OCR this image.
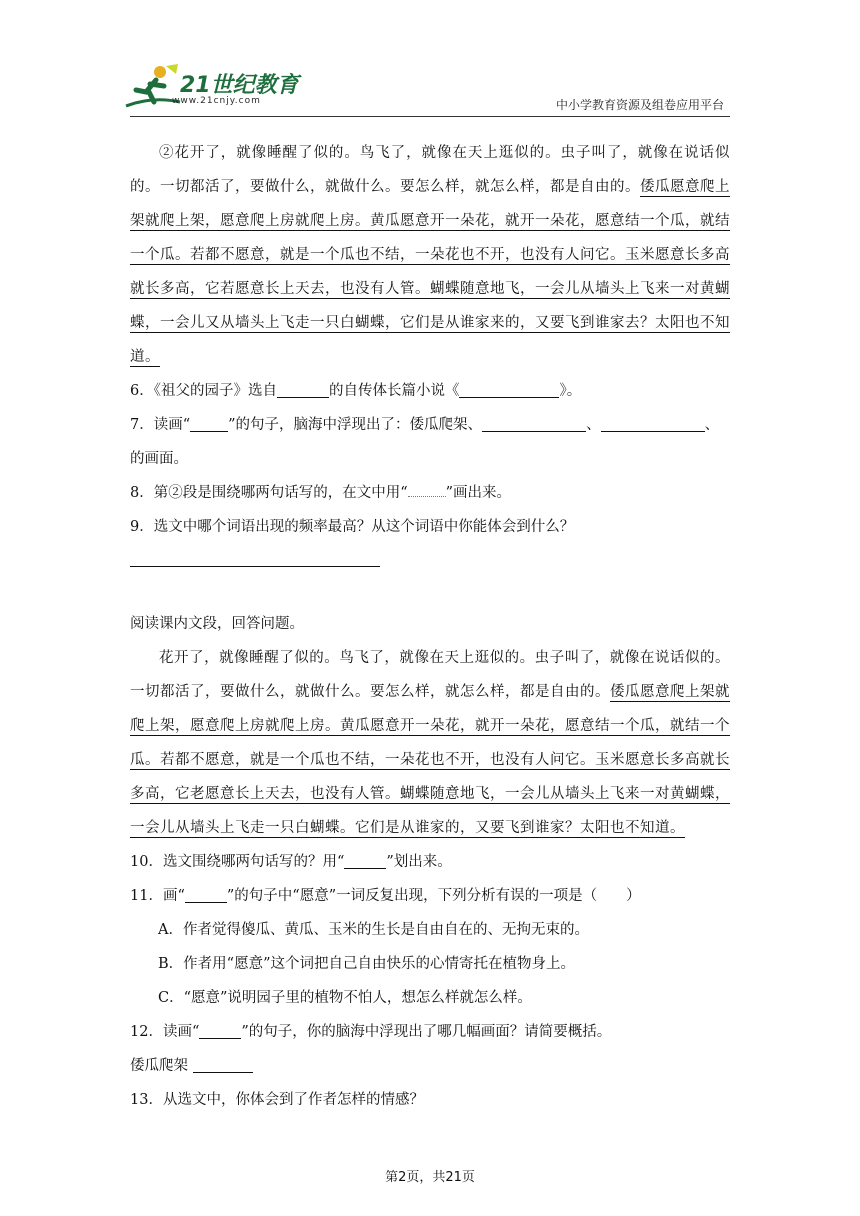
21世纪教育
www.21cnjy.com	中小学教育资源及组卷应用平台

②花开了，就像睡醒了似的。鸟飞了，就像在天上逛似的。虫子叫了，就像在说话似的。一切都活了，要做什么，就做什么。要怎么样，就怎么样，都是自由的。倭瓜愿意爬上架就爬上架，愿意爬上房就爬上房。黄瓜愿意开一朵花，就开一朵花，愿意结一个瓜，就结一个瓜。若都不愿意，就是一个瓜也不结，一朵花也不开，也没有人问它。玉米愿意长多高就长多高，它若愿意长上天去，也没有人管。蝴蝶随意地飞，一会儿从墙头上飞来一对黄蝴蝶，一会儿又从墙头上飞走一只白蝴蝶，它们是从谁家来的，又要飞到谁家去？太阳也不知道。

6．《祖父的园子》选自	的自传体长篇小说《	》。

7．读画“	”的句子，脑海中浮现出了：倭瓜爬架、	、	、
的画面。

8．第②段是围绕哪两句话写的，在文中用“	”画出来。

9．选文中哪个词语出现的频率最高？从这个词语中你能体会到什么？

阅读课内文段，回答问题。

花开了，就像睡醒了似的。鸟飞了，就像在天上逛似的。虫子叫了，就像在说话似的。一切都活了，要做什么，就做什么。要怎么样，就怎么样，都是自由的。倭瓜愿意爬上架就爬上架，愿意爬上房就爬上房。黄瓜愿意开一朵花，就开一朵花，愿意结一个瓜，就结一个瓜。若都不愿意，就是一个瓜也不结，一朵花也不开，也没有人问它。玉米愿意长多高就长多高，它老愿意长上天去，也没有人管。蝴蝶随意地飞，一会儿从墙头上飞来一对黄蝴蝶，一会儿从墙头上飞走一只白蝴蝶。它们是从谁家的，又要飞到谁家？太阳也不知道。

10．选文围绕哪两句话写的？用“	”划出来。

11．画“	”的句子中“愿意”一词反复出现，下列分析有误的一项是（　　）

A．作者觉得傻瓜、黄瓜、玉米的生长是自由自在的、无拘无束的。

B．作者用“愿意”这个词把自己自由快乐的心情寄托在植物身上。

C．“愿意”说明园子里的植物不怕人，想怎么样就怎么样。

12．读画“	”的句子，你的脑海中浮现出了哪几幅画面？请简要概括。

倭瓜爬架

13．从选文中，你体会到了作者怎样的情感？

第2页，共21页
